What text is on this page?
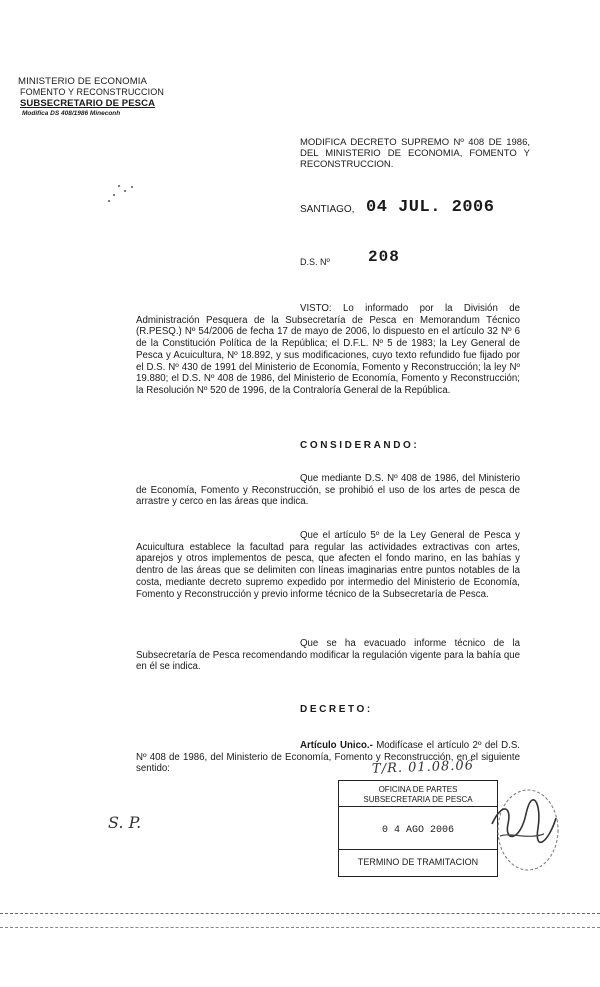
MINISTERIO DE ECONOMIA
FOMENTO Y RECONSTRUCCION
SUBSECRETARIO DE PESCA
Modifica DS 408/1986 Mineconh
MODIFICA DECRETO SUPREMO Nº 408 DE 1986, DEL MINISTERIO DE ECONOMIA, FOMENTO Y RECONSTRUCCION.
SANTIAGO, 04 JUL. 2006
D.S. Nº 208
VISTO: Lo informado por la División de Administración Pesquera de la Subsecretaría de Pesca en Memorandum Técnico (R.PESQ.) Nº 54/2006 de fecha 17 de mayo de 2006, lo dispuesto en el artículo 32 Nº 6 de la Constitución Política de la República; el D.F.L. Nº 5 de 1983; la Ley General de Pesca y Acuicultura, Nº 18.892, y sus modificaciones, cuyo texto refundido fue fijado por el D.S. Nº 430 de 1991 del Ministerio de Economía, Fomento y Reconstrucción; la ley Nº 19.880; el D.S. Nº 408 de 1986, del Ministerio de Economía, Fomento y Reconstrucción; la Resolución Nº 520 de 1996, de la Contraloría General de la República.
CONSIDERANDO:
Que mediante D.S. Nº 408 de 1986, del Ministerio de Economía, Fomento y Reconstrucción, se prohibió el uso de los artes de pesca de arrastre y cerco en las áreas que indica.
Que el artículo 5º de la Ley General de Pesca y Acuicultura establece la facultad para regular las actividades extractivas con artes, aparejos y otros implementos de pesca, que afecten el fondo marino, en las bahías y dentro de las áreas que se delimiten con líneas imaginarias entre puntos notables de la costa, mediante decreto supremo expedido por intermedio del Ministerio de Economía, Fomento y Reconstrucción y previo informe técnico de la Subsecretaría de Pesca.
Que se ha evacuado informe técnico de la Subsecretaría de Pesca recomendando modificar la regulación vigente para la bahía que en él se indica.
DECRETO:
Artículo Unico.- Modifícase el artículo 2º del D.S. Nº 408 de 1986, del Ministerio de Economía, Fomento y Reconstrucción, en el siguiente sentido:	T/R. 01.08.06
S. P.
OFICINA DE PARTES
SUBSECRETARIA DE PESCA
0 4 AGO 2006
TERMINO DE TRAMITACION
